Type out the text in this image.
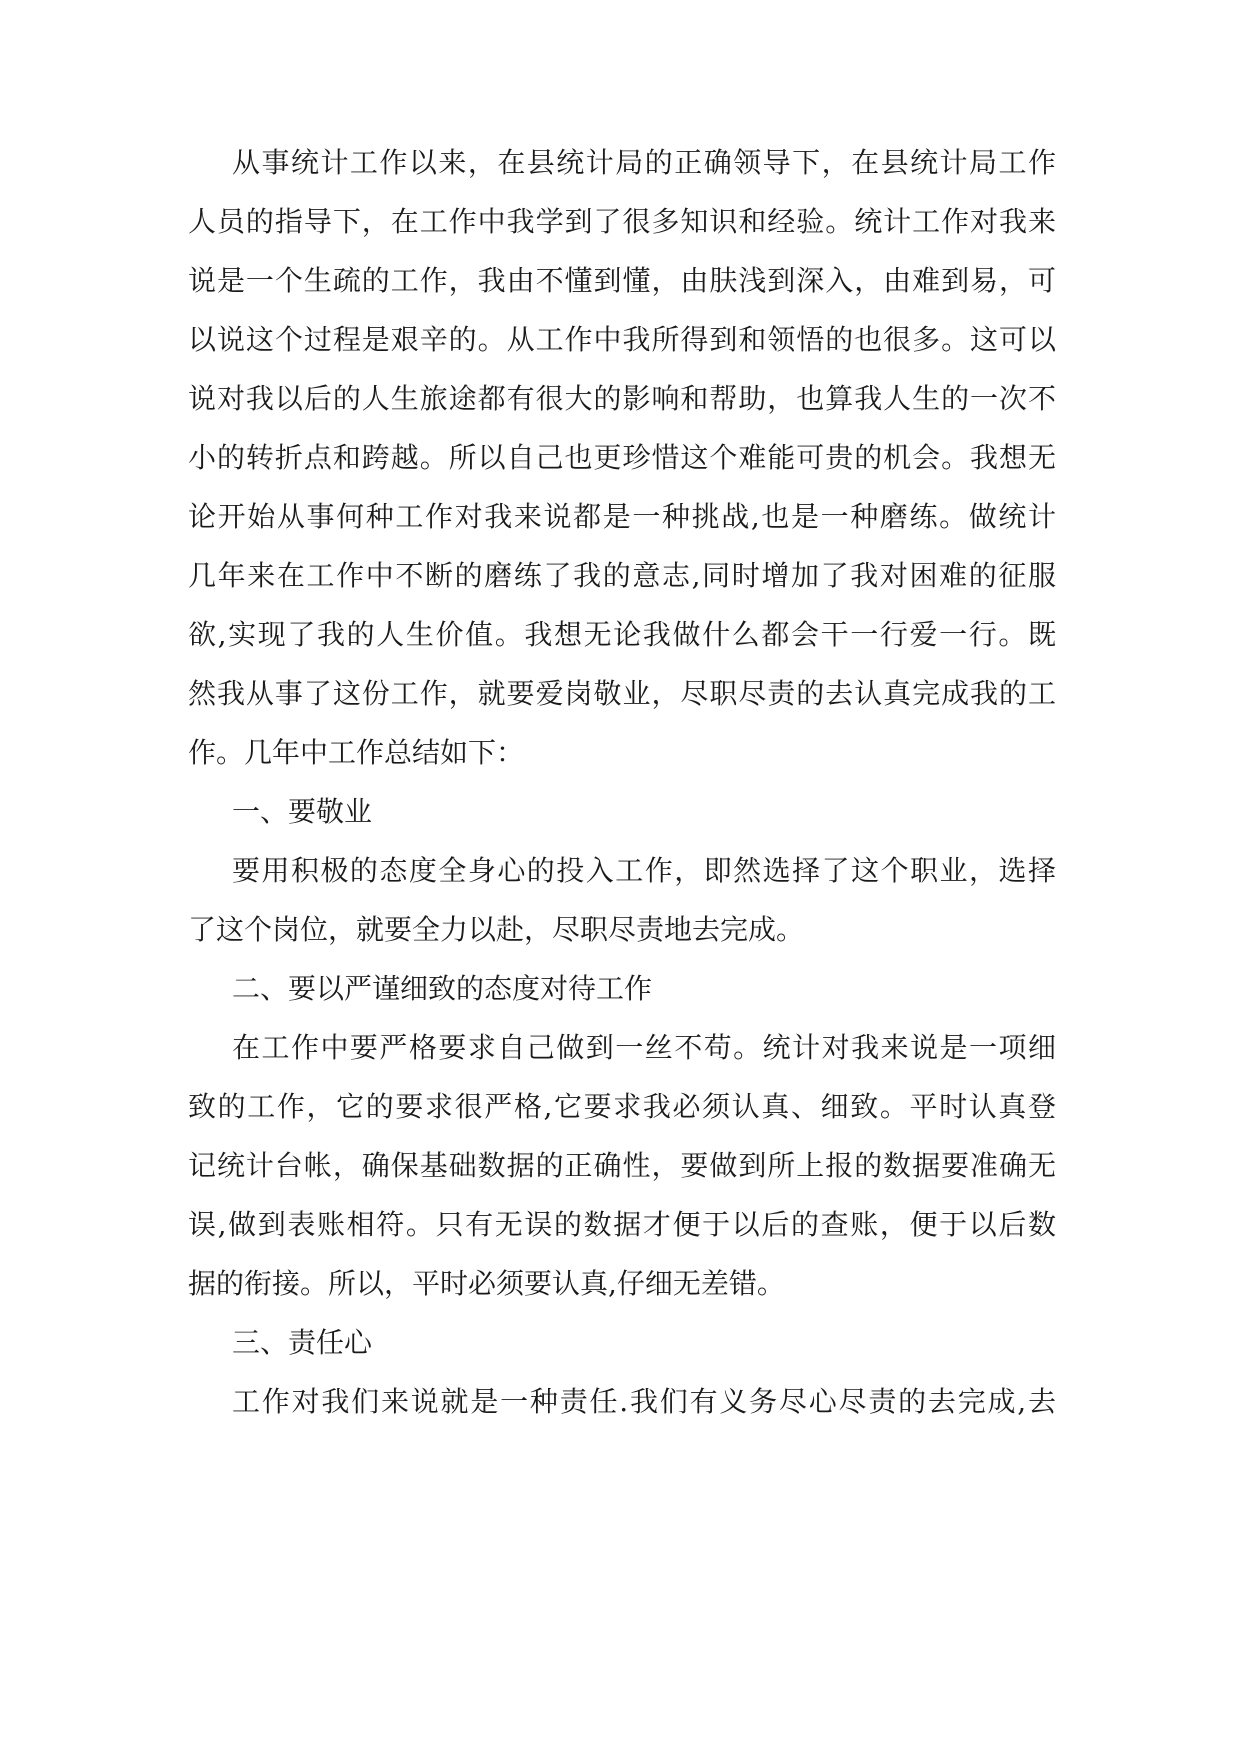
从事统计工作以来，在县统计局的正确领导下，在县统计局工作
人员的指导下，在工作中我学到了很多知识和经验。统计工作对我来
说是一个生疏的工作，我由不懂到懂，由肤浅到深入，由难到易，可
以说这个过程是艰辛的。从工作中我所得到和领悟的也很多。这可以
说对我以后的人生旅途都有很大的影响和帮助，也算我人生的一次不
小的转折点和跨越。所以自己也更珍惜这个难能可贵的机会。我想无
论开始从事何种工作对我来说都是一种挑战,也是一种磨练。做统计
几年来在工作中不断的磨练了我的意志,同时增加了我对困难的征服
欲,实现了我的人生价值。我想无论我做什么都会干一行爱一行。既
然我从事了这份工作，就要爱岗敬业，尽职尽责的去认真完成我的工
作。几年中工作总结如下：
一、要敬业
要用积极的态度全身心的投入工作，即然选择了这个职业，选择
了这个岗位，就要全力以赴，尽职尽责地去完成。
二、要以严谨细致的态度对待工作
在工作中要严格要求自己做到一丝不苟。统计对我来说是一项细
致的工作，它的要求很严格,它要求我必须认真、细致。平时认真登
记统计台帐，确保基础数据的正确性，要做到所上报的数据要准确无
误,做到表账相符。只有无误的数据才便于以后的查账，便于以后数
据的衔接。所以，平时必须要认真,仔细无差错。
三、责任心
工作对我们来说就是一种责任.我们有义务尽心尽责的去完成,去
